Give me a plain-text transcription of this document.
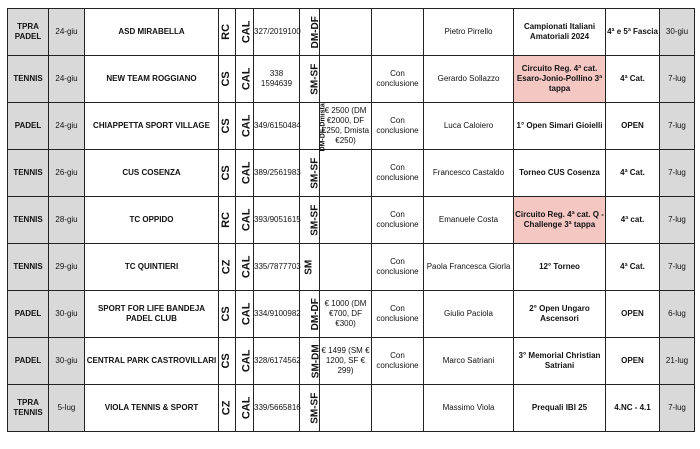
TPRA PADEL	24-giu	ASD MIRABELLA	RC	CAL	327/2019100	DM-DF			Pietro Pirrello	Campionati Italiani Amatoriali 2024	4ª e 5ª Fascia	30-giu
TENNIS	24-giu	NEW TEAM ROGGIANO	CS	CAL	338 1594639	SM-SF		Con conclusione	Gerardo Sollazzo	Circuito Reg. 4ª cat. Esaro-Jonio-Pollino 3ª tappa	4ª Cat.	7-lug
PADEL	24-giu	CHIAPPETTA SPORT VILLAGE	CS	CAL	349/6150484	DM-DF-Dmista	€ 2500 (DM €2000, DF €250, Dmista €250)	Con conclusione	Luca Caloiero	1° Open Simari Gioielli	OPEN	7-lug
TENNIS	26-giu	CUS COSENZA	CS	CAL	389/2561983	SM-SF		Con conclusione	Francesco Castaldo	Torneo CUS Cosenza	4ª Cat.	7-lug
TENNIS	28-giu	TC OPPIDO	RC	CAL	393/9051615	SM-SF		Con conclusione	Emanuele Costa	Circuito Reg. 4ª cat. Q - Challenge 3ª tappa	4ª cat.	7-lug
TENNIS	29-giu	TC QUINTIERI	CZ	CAL	335/7877703	SM		Con conclusione	Paola Francesca Giorla	12° Torneo	4ª Cat.	7-lug
PADEL	30-giu	SPORT FOR LIFE BANDEJA PADEL CLUB	CS	CAL	334/9100982	DM-DF	€ 1000 (DM €700, DF €300)	Con conclusione	Giulio Paciola	2° Open Ungaro Ascensori	OPEN	6-lug
PADEL	30-giu	CENTRAL PARK CASTROVILLARI	CS	CAL	328/6174562	SM-DM	€ 1499 (SM € 1200, SF € 299)	Con conclusione	Marco Satriani	3° Memorial Christian Satriani	OPEN	21-lug
TPRA TENNIS	5-lug	VIOLA TENNIS & SPORT	CZ	CAL	339/5665816	SM-SF			Massimo Viola	Prequali IBI 25	4.NC - 4.1	7-lug
